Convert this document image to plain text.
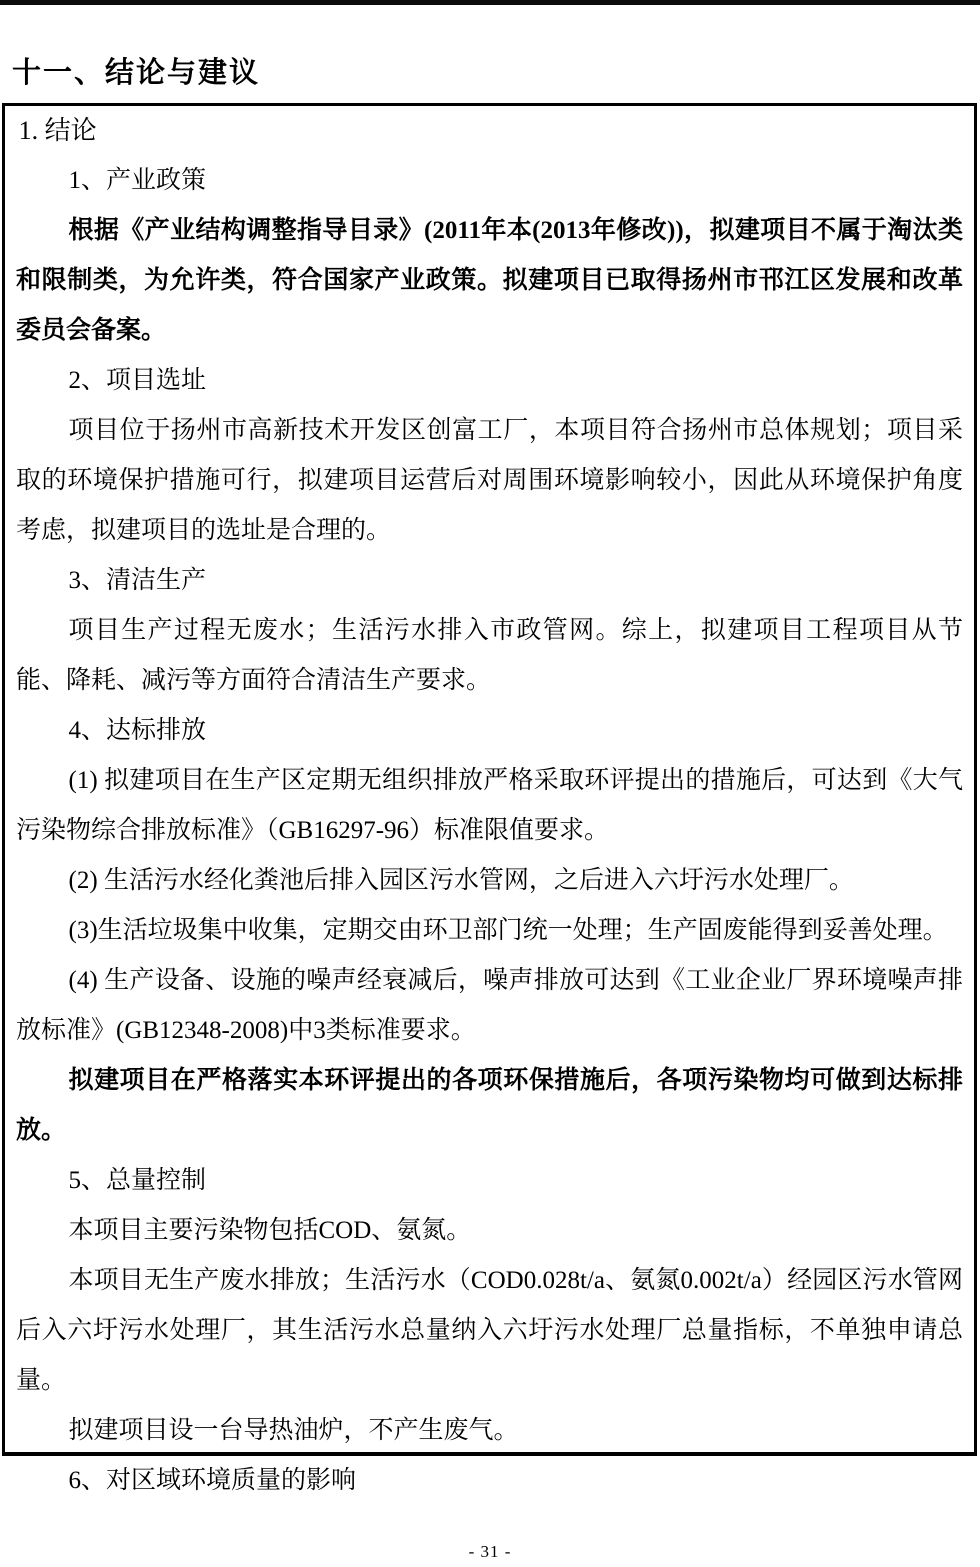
十一、结论与建议

1. 结论

1、产业政策

根据《产业结构调整指导目录》(2011年本(2013年修改))，拟建项目不属于淘汰类和限制类，为允许类，符合国家产业政策。拟建项目已取得扬州市邗江区发展和改革委员会备案。

2、项目选址

项目位于扬州市高新技术开发区创富工厂，本项目符合扬州市总体规划；项目采取的环境保护措施可行，拟建项目运营后对周围环境影响较小，因此从环境保护角度考虑，拟建项目的选址是合理的。

3、清洁生产

项目生产过程无废水；生活污水排入市政管网。综上，拟建项目工程项目从节能、降耗、减污等方面符合清洁生产要求。

4、达标排放

(1) 拟建项目在生产区定期无组织排放严格采取环评提出的措施后，可达到《大气污染物综合排放标准》（GB16297-96）标准限值要求。

(2) 生活污水经化粪池后排入园区污水管网，之后进入六圩污水处理厂。

(3)生活垃圾集中收集，定期交由环卫部门统一处理；生产固废能得到妥善处理。

(4) 生产设备、设施的噪声经衰减后，噪声排放可达到《工业企业厂界环境噪声排放标准》(GB12348-2008)中3类标准要求。

拟建项目在严格落实本环评提出的各项环保措施后，各项污染物均可做到达标排放。

5、总量控制

本项目主要污染物包括COD、氨氮。

本项目无生产废水排放；生活污水（COD0.028t/a、氨氮0.002t/a）经园区污水管网后入六圩污水处理厂，其生活污水总量纳入六圩污水处理厂总量指标，不单独申请总量。

拟建项目设一台导热油炉，不产生废气。

6、对区域环境质量的影响

- 31 -
